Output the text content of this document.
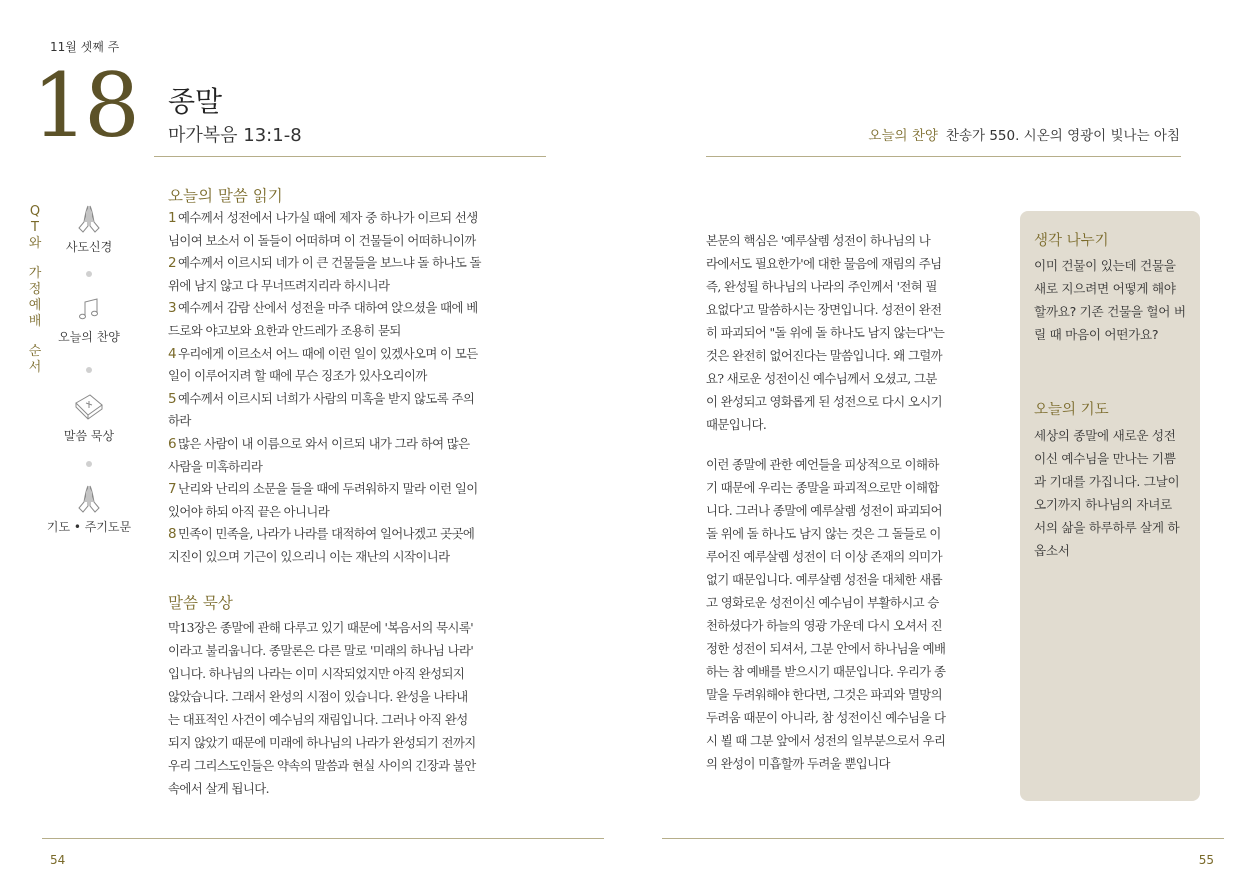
11월 셋째 주
18 종말
마가복음 13:1-8	오늘의 찬양 찬송가 550. 시온의 영광이 빛나는 아침
Q
T
와
가
정
예
배
순
서
사도신경
오늘의 찬양
말씀 묵상
기도 • 주기도문
오늘의 말씀 읽기
1 예수께서 성전에서 나가실 때에 제자 중 하나가 이르되 선생
님이여 보소서 이 돌들이 어떠하며 이 건물들이 어떠하니이까
2 예수께서 이르시되 네가 이 큰 건물들을 보느냐 돌 하나도 돌
위에 남지 않고 다 무너뜨려지리라 하시니라
3 예수께서 감람 산에서 성전을 마주 대하여 앉으셨을 때에 베
드로와 야고보와 요한과 안드레가 조용히 묻되
4 우리에게 이르소서 어느 때에 이런 일이 있겠사오며 이 모든
일이 이루어지려 할 때에 무슨 징조가 있사오리이까
5 예수께서 이르시되 너희가 사람의 미혹을 받지 않도록 주의
하라
6 많은 사람이 내 이름으로 와서 이르되 내가 그라 하여 많은
사람을 미혹하리라
7 난리와 난리의 소문을 들을 때에 두려워하지 말라 이런 일이
있어야 하되 아직 끝은 아니니라
8 민족이 민족을, 나라가 나라를 대적하여 일어나겠고 곳곳에
지진이 있으며 기근이 있으리니 이는 재난의 시작이니라
말씀 묵상
막13장은 종말에 관해 다루고 있기 때문에 '복음서의 묵시록'
이라고 불리웁니다. 종말론은 다른 말로 '미래의 하나님 나라'
입니다. 하나님의 나라는 이미 시작되었지만 아직 완성되지
않았습니다. 그래서 완성의 시점이 있습니다. 완성을 나타내
는 대표적인 사건이 예수님의 재림입니다. 그러나 아직 완성
되지 않았기 때문에 미래에 하나님의 나라가 완성되기 전까지
우리 그리스도인들은 약속의 말씀과 현실 사이의 긴장과 불안
속에서 살게 됩니다.
본문의 핵심은 '예루살렘 성전이 하나님의 나
라에서도 필요한가'에 대한 물음에 재림의 주님
즉, 완성될 하나님의 나라의 주인께서 '전혀 필
요없다'고 말씀하시는 장면입니다. 성전이 완전
히 파괴되어 "돌 위에 돌 하나도 남지 않는다"는
것은 완전히 없어진다는 말씀입니다. 왜 그럴까
요? 새로운 성전이신 예수님께서 오셨고, 그분
이 완성되고 영화롭게 된 성전으로 다시 오시기
때문입니다.
이런 종말에 관한 예언들을 피상적으로 이해하
기 때문에 우리는 종말을 파괴적으로만 이해합
니다. 그러나 종말에 예루살렘 성전이 파괴되어
돌 위에 돌 하나도 남지 않는 것은 그 돌들로 이
루어진 예루살렘 성전이 더 이상 존재의 의미가
없기 때문입니다. 예루살렘 성전을 대체한 새롭
고 영화로운 성전이신 예수님이 부활하시고 승
천하셨다가 하늘의 영광 가운데 다시 오셔서 진
정한 성전이 되셔서, 그분 안에서 하나님을 예배
하는 참 예배를 받으시기 때문입니다. 우리가 종
말을 두려워해야 한다면, 그것은 파괴와 멸망의
두려움 때문이 아니라, 참 성전이신 예수님을 다
시 뵐 때 그분 앞에서 성전의 일부분으로서 우리
의 완성이 미흡할까 두려울 뿐입니다
생각 나누기
이미 건물이 있는데 건물을
새로 지으려면 어떻게 해야
할까요? 기존 건물을 헐어 버
릴 때 마음이 어떤가요?
오늘의 기도
세상의 종말에 새로운 성전
이신 예수님을 만나는 기쁨
과 기대를 가집니다. 그날이
오기까지 하나님의 자녀로
서의 삶을 하루하루 살게 하
옵소서
54	55
